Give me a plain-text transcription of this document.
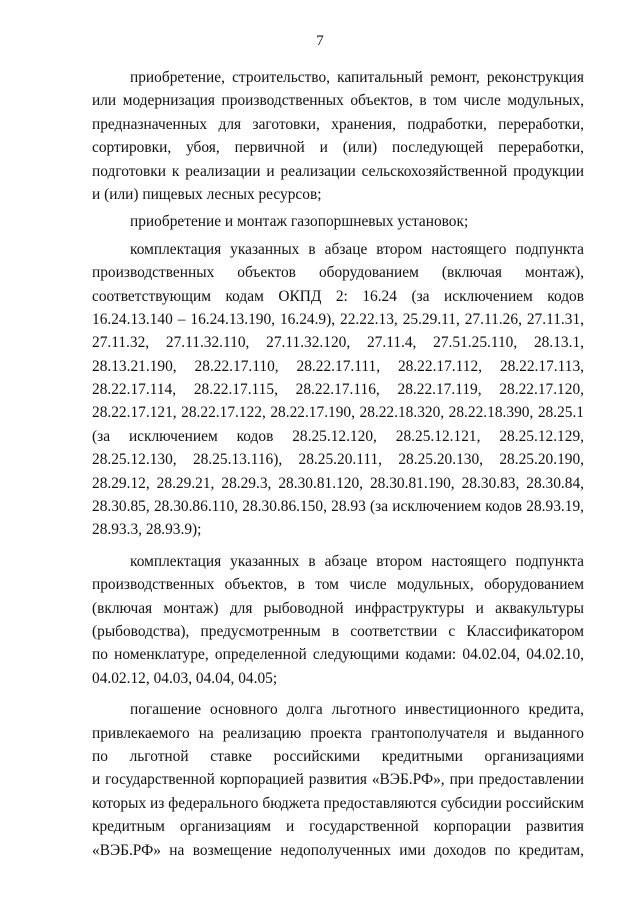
7
приобретение, строительство, капитальный ремонт, реконструкция
или модернизация производственных объектов, в том числе модульных,
предназначенных для заготовки, хранения, подработки, переработки,
сортировки, убоя, первичной и (или) последующей переработки,
подготовки к реализации и реализации сельскохозяйственной продукции
и (или) пищевых лесных ресурсов;
приобретение и монтаж газопоршневых установок;
комплектация указанных в абзаце втором настоящего подпункта
производственных объектов оборудованием (включая монтаж),
соответствующим кодам ОКПД 2: 16.24 (за исключением кодов
16.24.13.140 – 16.24.13.190, 16.24.9), 22.22.13, 25.29.11, 27.11.26, 27.11.31,
27.11.32, 27.11.32.110, 27.11.32.120, 27.11.4, 27.51.25.110, 28.13.1,
28.13.21.190, 28.22.17.110, 28.22.17.111, 28.22.17.112, 28.22.17.113,
28.22.17.114, 28.22.17.115, 28.22.17.116, 28.22.17.119, 28.22.17.120,
28.22.17.121, 28.22.17.122, 28.22.17.190, 28.22.18.320, 28.22.18.390, 28.25.1
(за исключением кодов 28.25.12.120, 28.25.12.121, 28.25.12.129,
28.25.12.130, 28.25.13.116), 28.25.20.111, 28.25.20.130, 28.25.20.190,
28.29.12, 28.29.21, 28.29.3, 28.30.81.120, 28.30.81.190, 28.30.83, 28.30.84,
28.30.85, 28.30.86.110, 28.30.86.150, 28.93 (за исключением кодов 28.93.19,
28.93.3, 28.93.9);
комплектация указанных в абзаце втором настоящего подпункта
производственных объектов, в том числе модульных, оборудованием
(включая монтаж) для рыбоводной инфраструктуры и аквакультуры
(рыбоводства), предусмотренным в соответствии с Классификатором
по номенклатуре, определенной следующими кодами: 04.02.04, 04.02.10,
04.02.12, 04.03, 04.04, 04.05;
погашение основного долга льготного инвестиционного кредита,
привлекаемого на реализацию проекта грантополучателя и выданного
по льготной ставке российскими кредитными организациями
и государственной корпорацией развития «ВЭБ.РФ», при предоставлении
которых из федерального бюджета предоставляются субсидии российским
кредитным организациям и государственной корпорации развития
«ВЭБ.РФ» на возмещение недополученных ими доходов по кредитам,
